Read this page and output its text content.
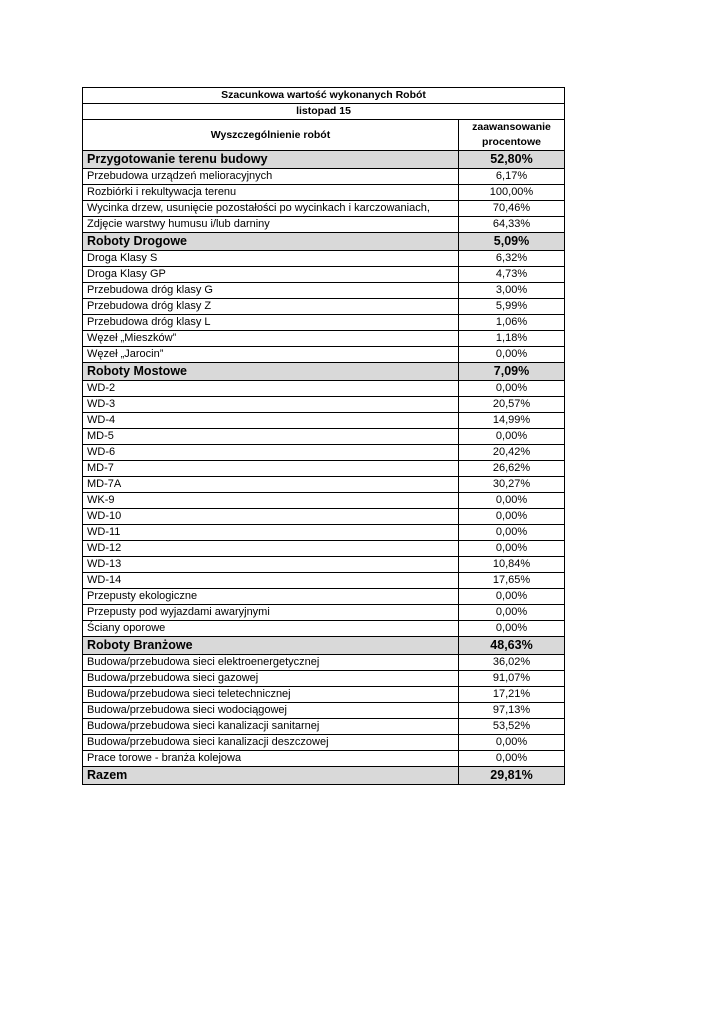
Szacunkowa wartość wykonanych Robót	
listopad 15	
Wyszczególnienie robót	zaawansowanie
procentowe
Przygotowanie terenu budowy	52,80%
Przebudowa urządzeń melioracyjnych	6,17%
Rozbiórki i rekultywacja terenu	100,00%
Wycinka drzew, usunięcie pozostałości po wycinkach i karczowaniach,	70,46%
Zdjęcie warstwy humusu i/lub darniny	64,33%
Roboty Drogowe	5,09%
Droga Klasy S	6,32%
Droga Klasy GP	4,73%
Przebudowa dróg klasy G	3,00%
Przebudowa dróg klasy Z	5,99%
Przebudowa dróg klasy L	1,06%
Węzeł „Mieszków”	1,18%
Węzeł „Jarocin”	0,00%
Roboty Mostowe	7,09%
WD-2	0,00%
WD-3	20,57%
WD-4	14,99%
MD-5	0,00%
WD-6	20,42%
MD-7	26,62%
MD-7A	30,27%
WK-9	0,00%
WD-10	0,00%
WD-11	0,00%
WD-12	0,00%
WD-13	10,84%
WD-14	17,65%
Przepusty ekologiczne	0,00%
Przepusty pod wyjazdami awaryjnymi	0,00%
Ściany oporowe	0,00%
Roboty Branżowe	48,63%
Budowa/przebudowa sieci elektroenergetycznej	36,02%
Budowa/przebudowa sieci gazowej	91,07%
Budowa/przebudowa sieci teletechnicznej	17,21%
Budowa/przebudowa sieci wodociągowej	97,13%
Budowa/przebudowa sieci kanalizacji sanitarnej	53,52%
Budowa/przebudowa sieci kanalizacji deszczowej	0,00%
Prace torowe - branża kolejowa	0,00%
Razem	29,81%
